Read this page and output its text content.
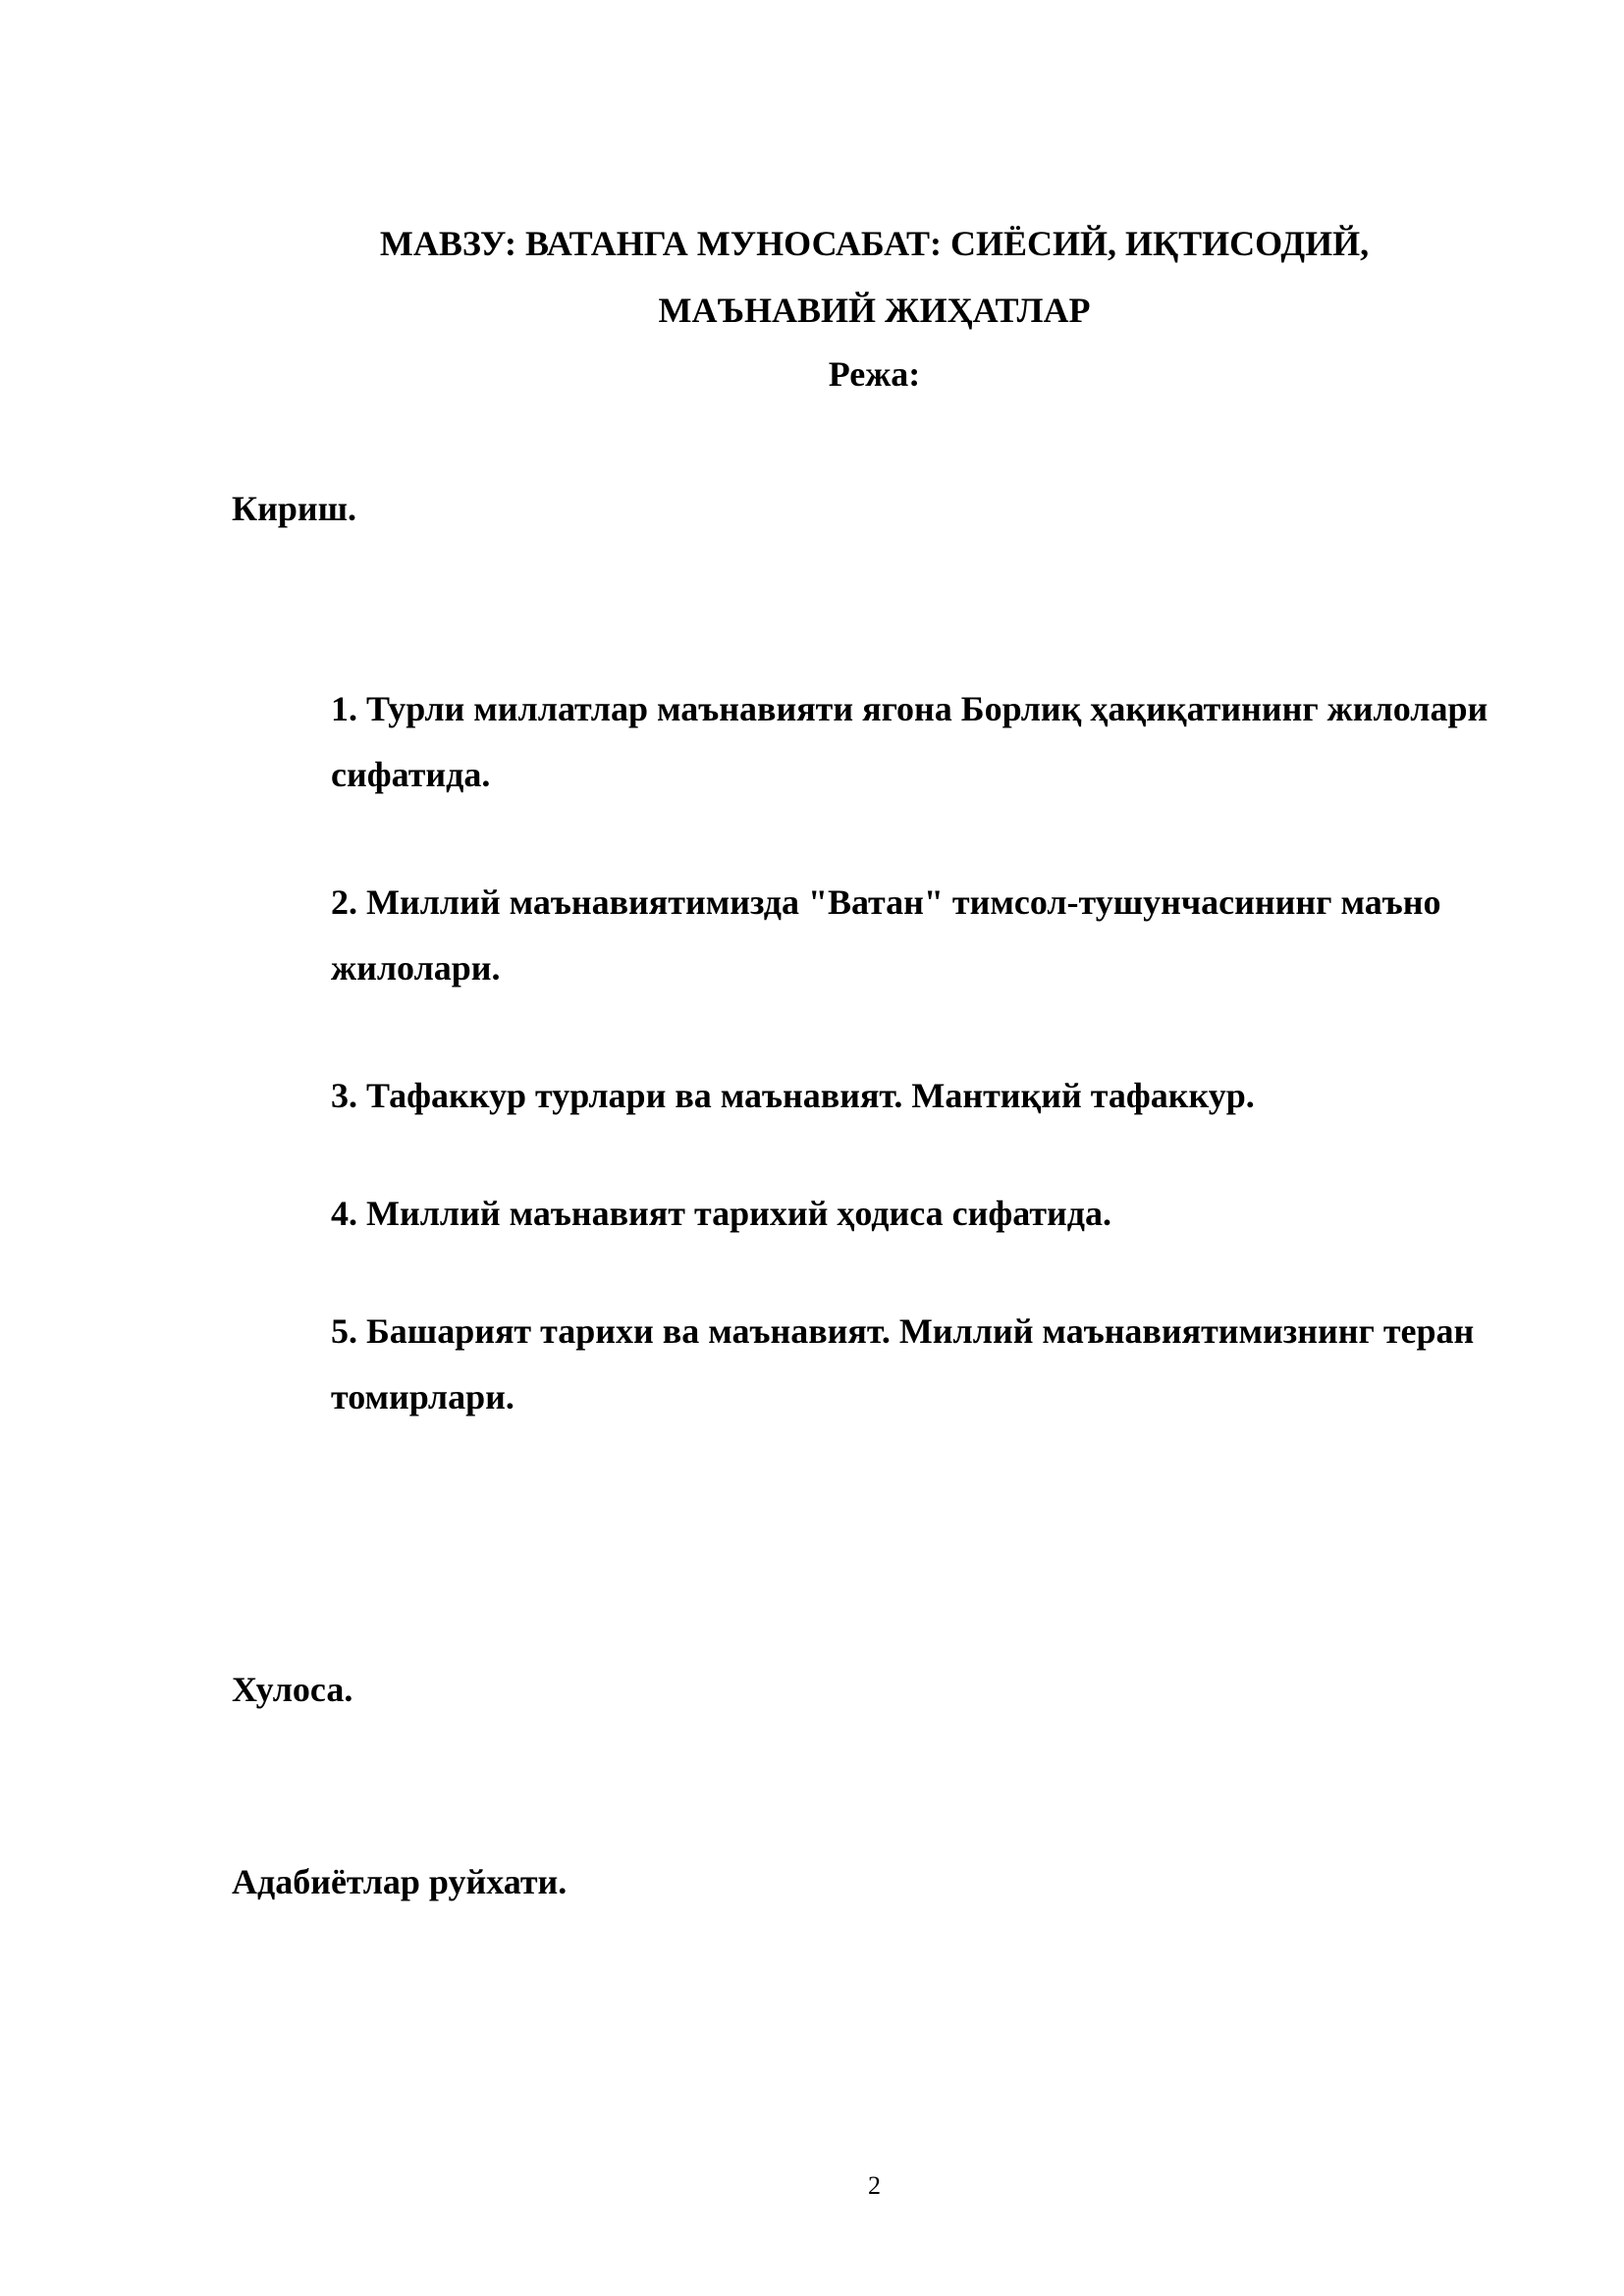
МАВЗУ: ВАТАНГА МУНОСАБАТ: СИЁСИЙ, ИҚТИСОДИЙ,
МАЪНАВИЙ ЖИҲАТЛАР
Режа:
Кириш.
1. Турли миллатлар маънавияти ягона Борлиқ ҳақиқатининг жилолари сифатида.
2. Миллий маънавиятимизда "Ватан" тимсол-тушунчасининг маъно жилолари.
3. Тафаккур турлари ва маънавият. Мантиқий тафаккур.
4. Миллий маънавият тарихий ҳодиса сифатида.
5. Башарият тарихи ва маънавият. Миллий маънавиятимизнинг теран томирлари.
Хулоса.
Адабиётлар руйхати.
2
